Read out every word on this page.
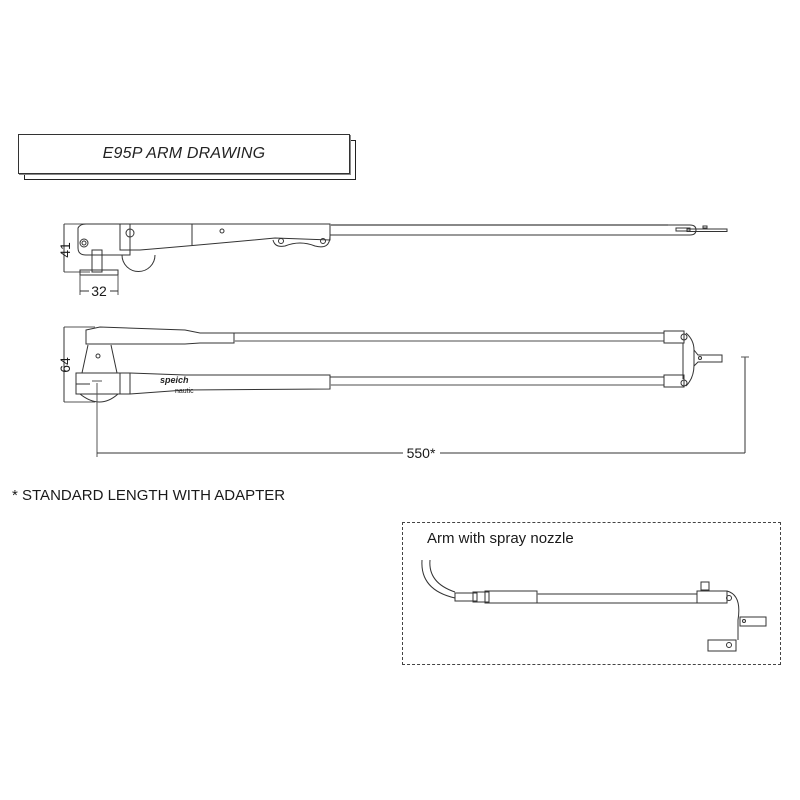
E95P ARM DRAWING
41
32
64
speich
nautic
550*
* STANDARD LENGTH WITH ADAPTER
Arm with spray nozzle
